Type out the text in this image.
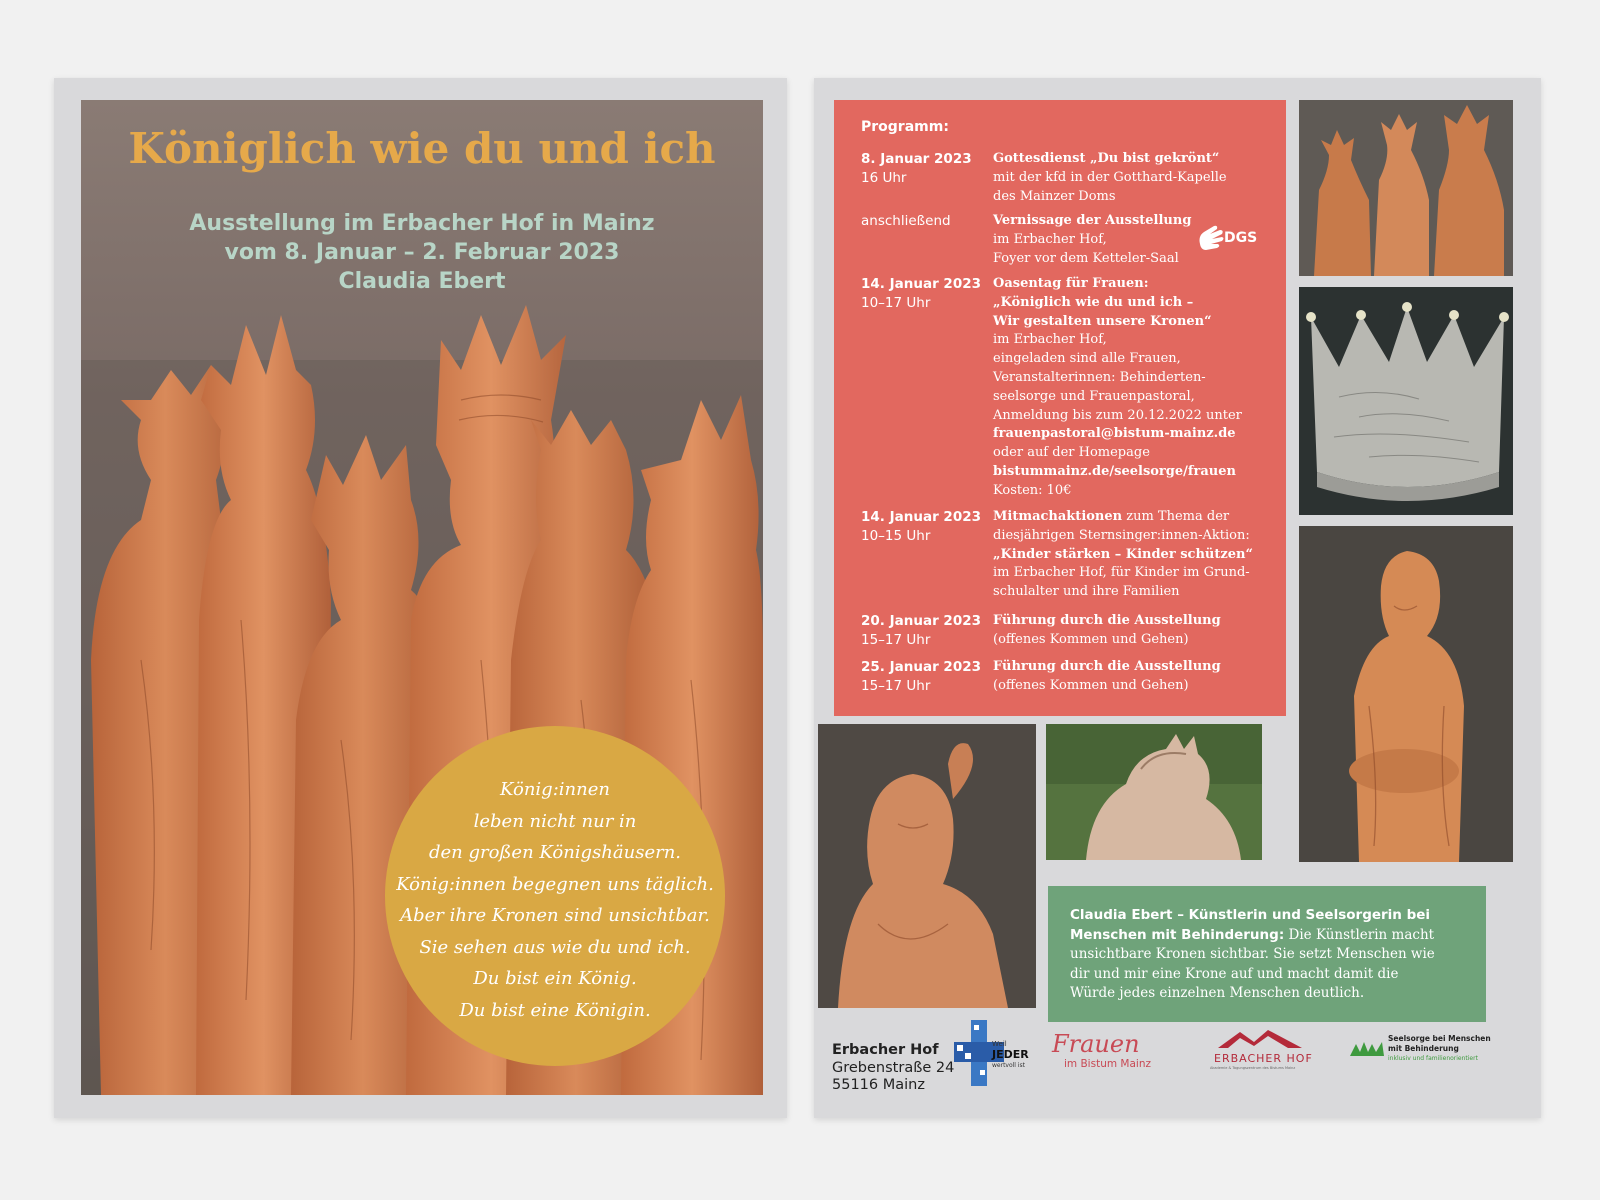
Königlich wie du und ich

Ausstellung im Erbacher Hof in Mainz

vom 8. Januar – 2. Februar 2023

Claudia Ebert

König:innen
leben nicht nur in
den großen Königshäusern.
König:innen begegnen uns täglich.
Aber ihre Kronen sind unsichtbar.
Sie sehen aus wie du und ich.
Du bist ein König.
Du bist eine Königin.

Programm:

8. Januar 2023
16 Uhr
Gottesdienst „Du bist gekrönt“
mit der kfd in der Gotthard-Kapelle
des Mainzer Doms
anschließend	Vernissage der Ausstellung
im Erbacher Hof,
Foyer vor dem Ketteler-Saal
14. Januar 2023
10–17 Uhr
Oasentag für Frauen:
„Königlich wie du und ich –
Wir gestalten unsere Kronen“
im Erbacher Hof,
eingeladen sind alle Frauen,
Veranstalterinnen: Behinderten-
seelsorge und Frauenpastoral,
Anmeldung bis zum 20.12.2022 unter
frauenpastoral@bistum-mainz.de
oder auf der Homepage
bistummainz.de/seelsorge/frauen
Kosten: 10€
14. Januar 2023
10–15 Uhr
Mitmachaktionen zum Thema der
diesjährigen Sternsinger:innen-Aktion:
„Kinder stärken – Kinder schützen“
im Erbacher Hof, für Kinder im Grund-
schulalter und ihre Familien
20. Januar 2023
15–17 Uhr
Führung durch die Ausstellung
(offenes Kommen und Gehen)
25. Januar 2023
15–17 Uhr
Führung durch die Ausstellung
(offenes Kommen und Gehen)
DGS
Claudia Ebert – Künstlerin und Seelsorgerin bei
Menschen mit Behinderung: Die Künstlerin macht
unsichtbare Kronen sichtbar. Sie setzt Menschen wie
dir und mir eine Krone auf und macht damit die
Würde jedes einzelnen Menschen deutlich.
Erbacher Hof
Grebenstraße 24
55116 Mainz
Weil
JEDER
wertvoll ist
Frauen
im Bistum Mainz	ERBACHER HOF
Akademie & Tagungszentrum des Bistums Mainz
Seelsorge bei Menschen
mit Behinderung
inklusiv und familienorientiert
